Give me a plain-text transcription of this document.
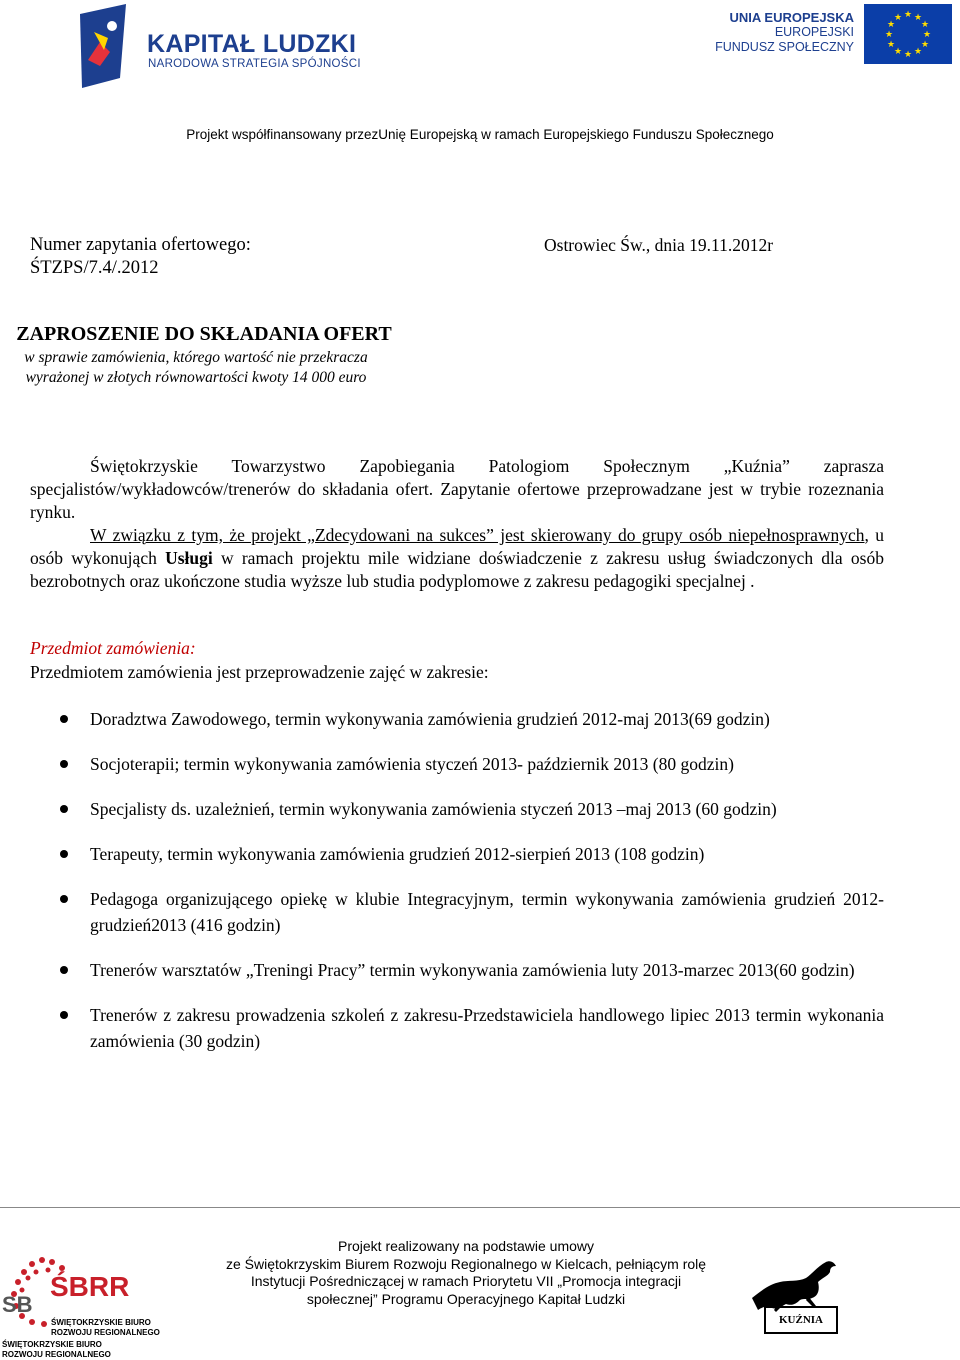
KAPITAŁ LUDZKI
NARODOWA STRATEGIA SPÓJNOŚCI
UNIA EUROPEJSKA
EUROPEJSKI
FUNDUSZ SPOŁECZNY
★ ★
★
★
★
★
★
★
★
★
★
★
Projekt współfinansowany przezUnię Europejską w ramach Europejskiego Funduszu Społecznego
Numer zapytania ofertowego:
ŚTZPS/7.4/.2012
Ostrowiec Św., dnia 19.11.2012r
ZAPROSZENIE DO SKŁADANIA OFERT
w sprawie zamówienia, którego wartość nie przekracza
wyrażonej w złotych równowartości kwoty 14 000 euro
Świętokrzyskie Towarzystwo Zapobiegania Patologiom Społecznym „Kuźnia” zaprasza specjalistów/wykładowców/trenerów do składania ofert. Zapytanie ofertowe przeprowadzane jest w trybie rozeznania rynku.
W związku z tym, że projekt „Zdecydowani na sukces” jest skierowany do grupy osób niepełnosprawnych, u osób wykonująch Usługi w ramach projektu mile widziane doświadczenie z zakresu usług świadczonych dla osób bezrobotnych oraz ukończone studia wyższe lub studia podyplomowe z zakresu pedagogiki specjalnej .
Przedmiot zamówienia:
Przedmiotem zamówienia jest przeprowadzenie zajęć w zakresie:
Doradztwa Zawodowego, termin wykonywania zamówienia grudzień 2012-maj 2013(69 godzin)
Socjoterapii; termin wykonywania zamówienia styczeń 2013- październik 2013 (80 godzin)
Specjalisty ds. uzależnień, termin wykonywania zamówienia styczeń 2013 –maj 2013 (60 godzin)
Terapeuty, termin wykonywania zamówienia grudzień 2012-sierpień 2013 (108 godzin)
Pedagoga organizującego opiekę w klubie Integracyjnym, termin wykonywania zamówienia grudzień 2012- grudzień2013 (416 godzin)
Trenerów warsztatów „Treningi Pracy” termin wykonywania zamówienia luty 2013-marzec 2013(60 godzin)
Trenerów z zakresu prowadzenia szkoleń z zakresu-Przedstawiciela handlowego lipiec 2013 termin wykonania zamówienia (30 godzin)
ŚBRR
SB
ŚWIĘTOKRZYSKIE BIURO
ROZWOJU REGIONALNEGO
ŚWIĘTOKRZYSKIE BIURO
ROZWOJU REGIONALNEGO
Projekt realizowany na podstawie umowy
ze Świętokrzyskim Biurem Rozwoju Regionalnego w Kielcach, pełniącym rolę
Instytucji Pośredniczącej w ramach Priorytetu VII „Promocja integracji
społecznej” Programu Operacyjnego Kapitał Ludzki
KUŹNIA
